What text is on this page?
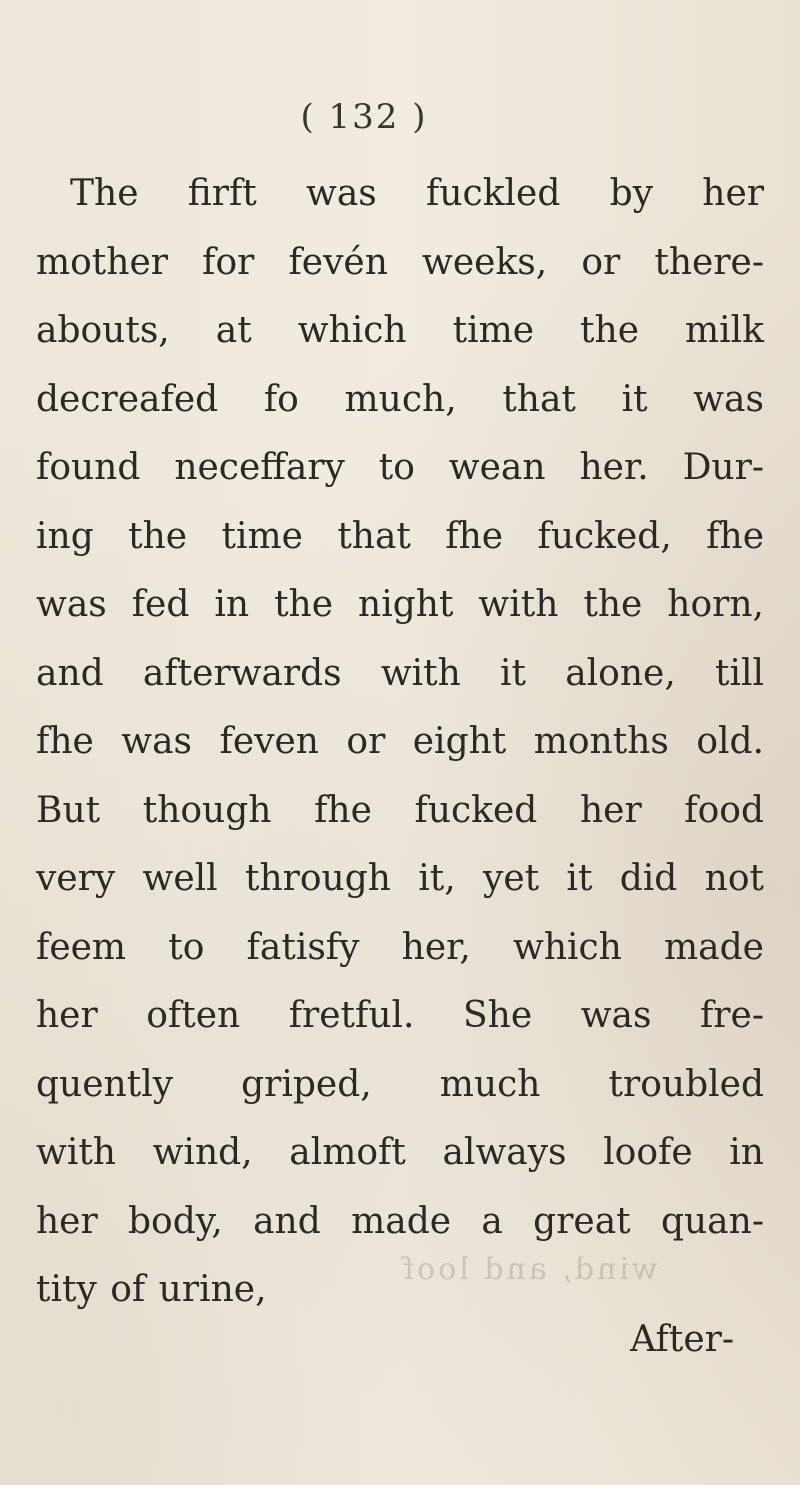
( 132 )
The firft was fuckled by her
mother for fevén weeks, or there-
abouts, at which time the milk
decreafed fo much, that it was
found neceffary to wean her. Dur-
ing the time that fhe fucked, fhe
was fed in the night with the horn,
and afterwards with it alone, till
fhe was feven or eight months old.
But though fhe fucked her food
very well through it, yet it did not
feem to fatisfy her, which made
her often fretful. She was fre-
quently griped, much troubled
with wind, almoft always loofe in
her body, and made a great quan-
tity of urine,	wind, and loof
After-
